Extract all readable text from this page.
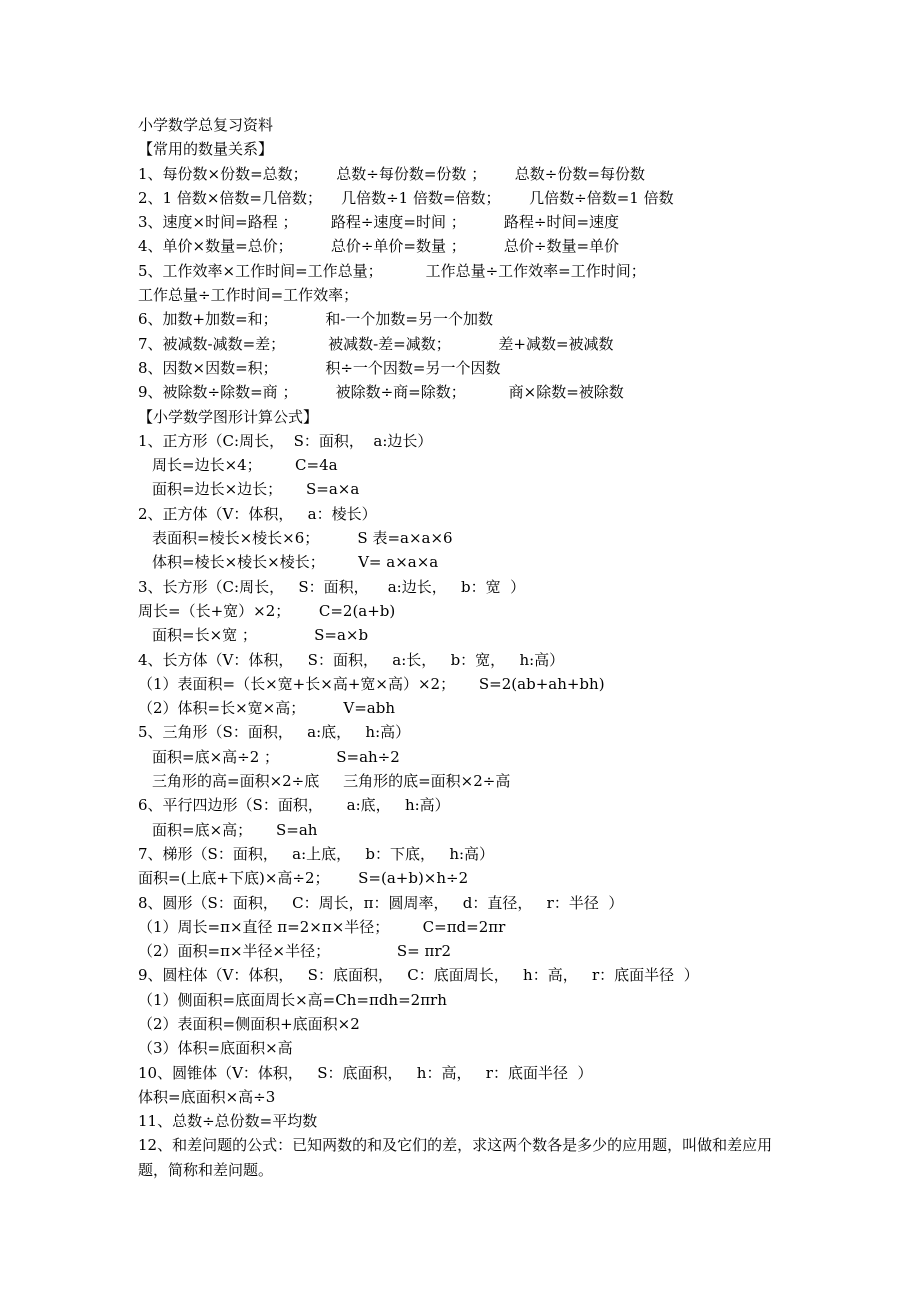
小学数学总复习资料
【常用的数量关系】
1、每份数×份数=总数；      总数÷每份数=份数 ；      总数÷份数=每份数
2、1 倍数×倍数=几倍数；    几倍数÷1 倍数=倍数；      几倍数÷倍数=1 倍数
3、速度×时间=路程 ；       路程÷速度=时间 ；        路程÷时间=速度
4、单价×数量=总价；        总价÷单价=数量 ；        总价÷数量=单价
5、工作效率×工作时间=工作总量；         工作总量÷工作效率=工作时间；
工作总量÷工作时间=工作效率；
6、加数+加数=和；          和-一个加数=另一个加数
7、被减数-减数=差；         被减数-差=减数；          差+减数=被减数
8、因数×因数=积；          积÷一个因数=另一个因数
9、被除数÷除数=商 ；        被除数÷商=除数；         商×除数=被除数
【小学数学图形计算公式】
1、正方形（C:周长，  S：面积，  a:边长）
周长=边长×4；       C=4a
面积=边长×边长；     S=a×a
2、正方体（V：体积，   a：棱长）
表面积=棱长×棱长×6；        S 表=a×a×6
体积=棱长×棱长×棱长；       V= a×a×a
3、长方形（C:周长，   S：面积，    a:边长，   b：宽  ）
周长=（长+宽）×2；      C=2(a+b)
面积=长×宽 ；            S=a×b
4、长方体（V：体积，   S：面积，   a:长，   b：宽，   h:高）
（1）表面积=（长×宽+长×高+宽×高）×2；     S=2(ab+ah+bh)
（2）体积=长×宽×高；        V=abh
5、三角形（S：面积，   a:底，   h:高）
面积=底×高÷2 ；            S=ah÷2
三角形的高=面积×2÷底     三角形的底=面积×2÷高
6、平行四边形（S：面积，     a:底，   h:高）
面积=底×高；     S=ah
7、梯形（S：面积，   a:上底，   b：下底，   h:高）
面积=(上底+下底)×高÷2；      S=(a+b)×h÷2
8、圆形（S：面积，   C：周长，π：圆周率，   d：直径，   r：半径  ）
（1）周长=π×直径 π=2×π×半径；       C=πd=2πr
（2）面积=π×半径×半径；              S= πr2
9、圆柱体（V：体积，   S：底面积，   C：底面周长，   h：高，   r：底面半径  ）
（1）侧面积=底面周长×高=Ch=πdh=2πrh
（2）表面积=侧面积+底面积×2
（3）体积=底面积×高
10、圆锥体（V：体积，   S：底面积，   h：高，   r：底面半径  ）
体积=底面积×高÷3
11、总数÷总份数=平均数
12、和差问题的公式：已知两数的和及它们的差，求这两个数各是多少的应用题，叫做和差应用题，简称和差问题。
